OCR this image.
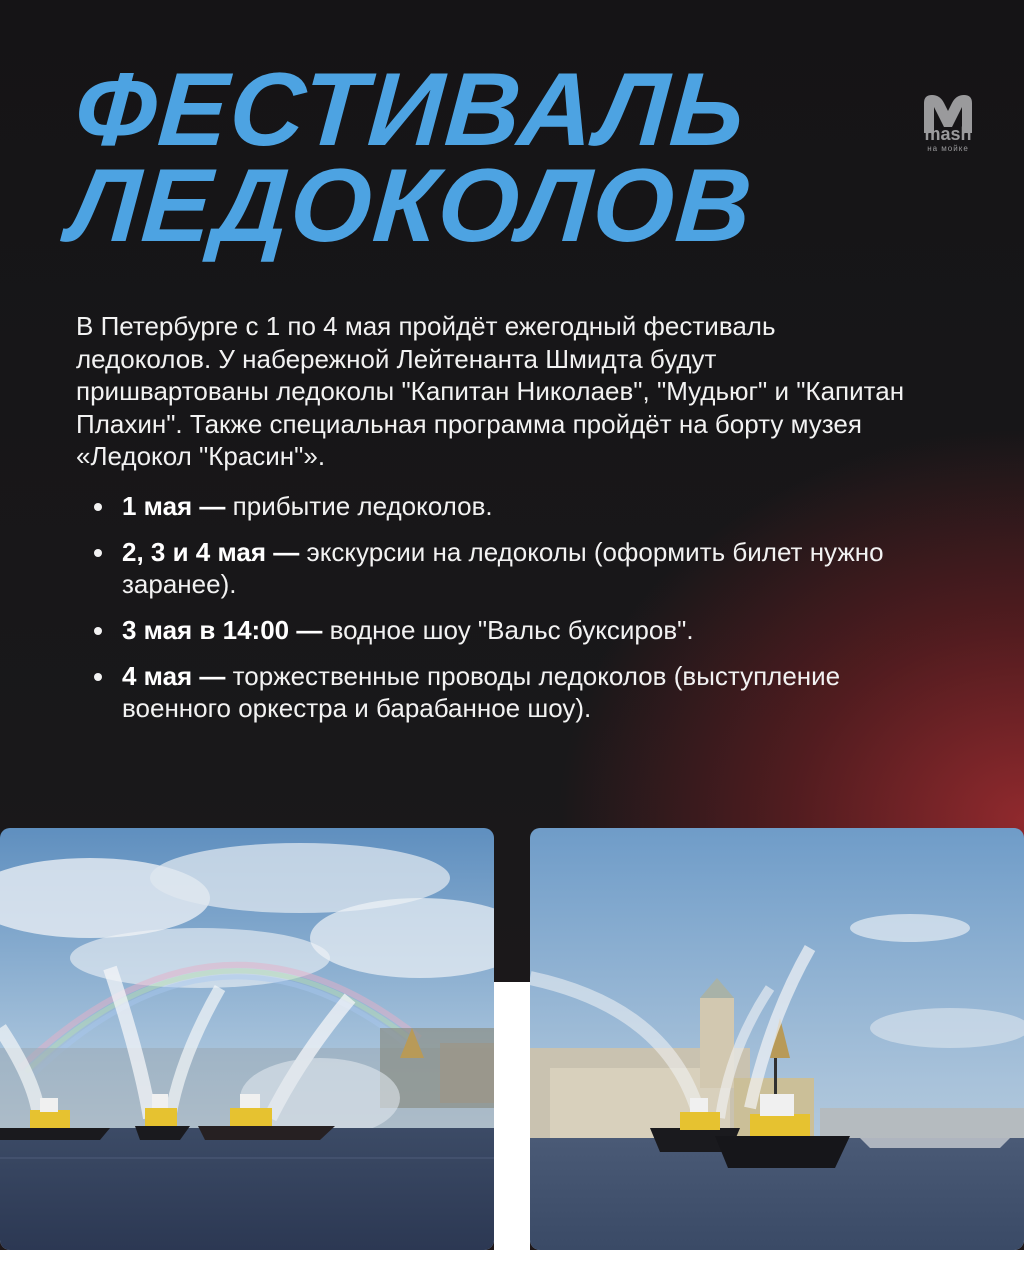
ФЕСТИВАЛЬ
ЛЕДОКОЛОВ
mash
на мойке

В Петербурге с 1 по 4 мая пройдёт ежегодный фестиваль ледоколов. У набережной Лейтенанта Шмидта будут пришвартованы ледоколы "Капитан Николаев", "Мудьюг" и "Капитан Плахин". Также специальная программа пройдёт на борту музея «Ледокол "Красин"».

1 мая — прибытие ледоколов.
2, 3 и 4 мая — экскурсии на ледоколы (оформить билет нужно заранее).
3 мая в 14:00 — водное шоу "Вальс буксиров".
4 мая — торжественные проводы ледоколов (выступление военного оркестра и барабанное шоу).
